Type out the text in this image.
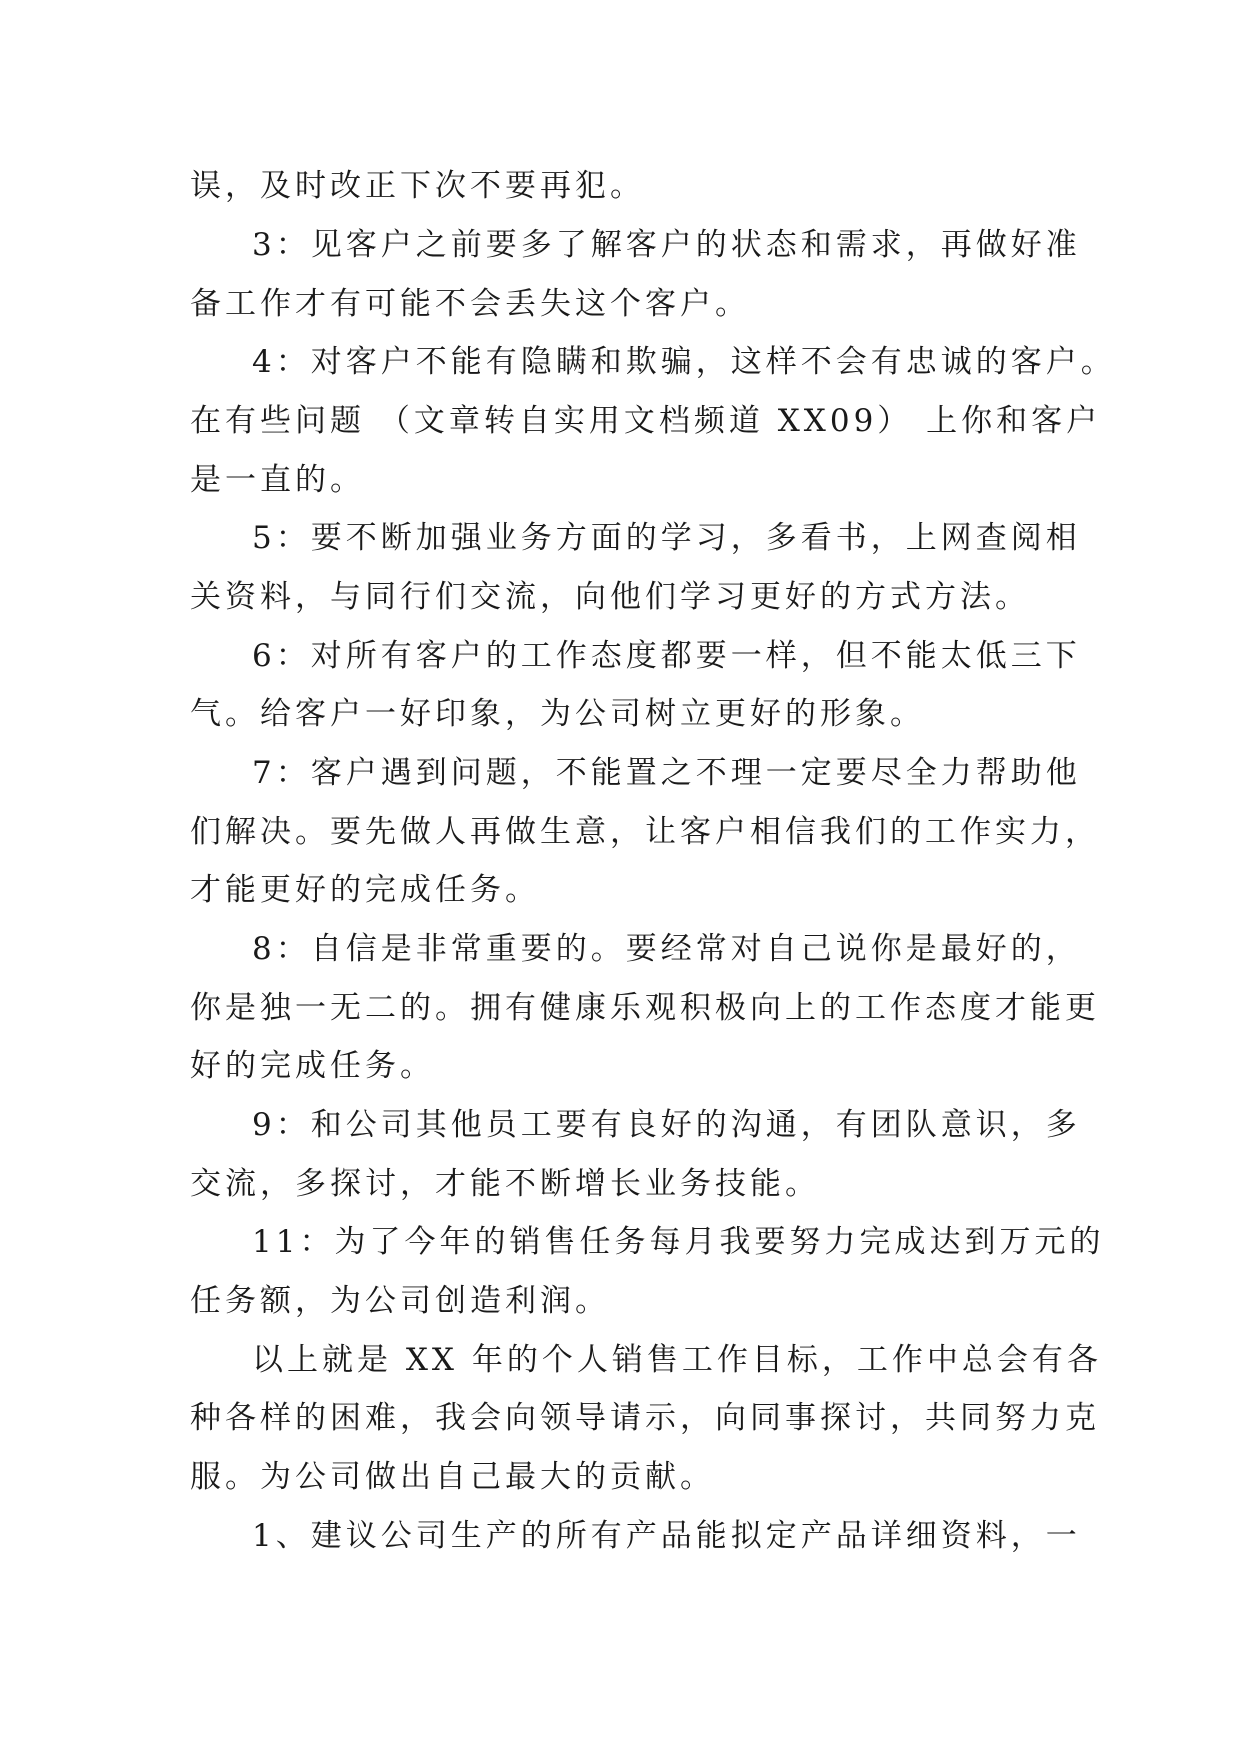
误，及时改正下次不要再犯。
3：见客户之前要多了解客户的状态和需求，再做好准
备工作才有可能不会丢失这个客户。
4：对客户不能有隐瞒和欺骗，这样不会有忠诚的客户。
在有些问题 （文章转自实用文档频道 XX09） 上你和客户
是一直的。
5：要不断加强业务方面的学习，多看书，上网查阅相
关资料，与同行们交流，向他们学习更好的方式方法。
6：对所有客户的工作态度都要一样，但不能太低三下
气。给客户一好印象，为公司树立更好的形象。
7：客户遇到问题，不能置之不理一定要尽全力帮助他
们解决。要先做人再做生意，让客户相信我们的工作实力，
才能更好的完成任务。
8：自信是非常重要的。要经常对自己说你是最好的，
你是独一无二的。拥有健康乐观积极向上的工作态度才能更
好的完成任务。
9：和公司其他员工要有良好的沟通，有团队意识，多
交流，多探讨，才能不断增长业务技能。
11：为了今年的销售任务每月我要努力完成达到万元的
任务额，为公司创造利润。
以上就是 XX 年的个人销售工作目标，工作中总会有各
种各样的困难，我会向领导请示，向同事探讨，共同努力克
服。为公司做出自己最大的贡献。
1、建议公司生产的所有产品能拟定产品详细资料，一
